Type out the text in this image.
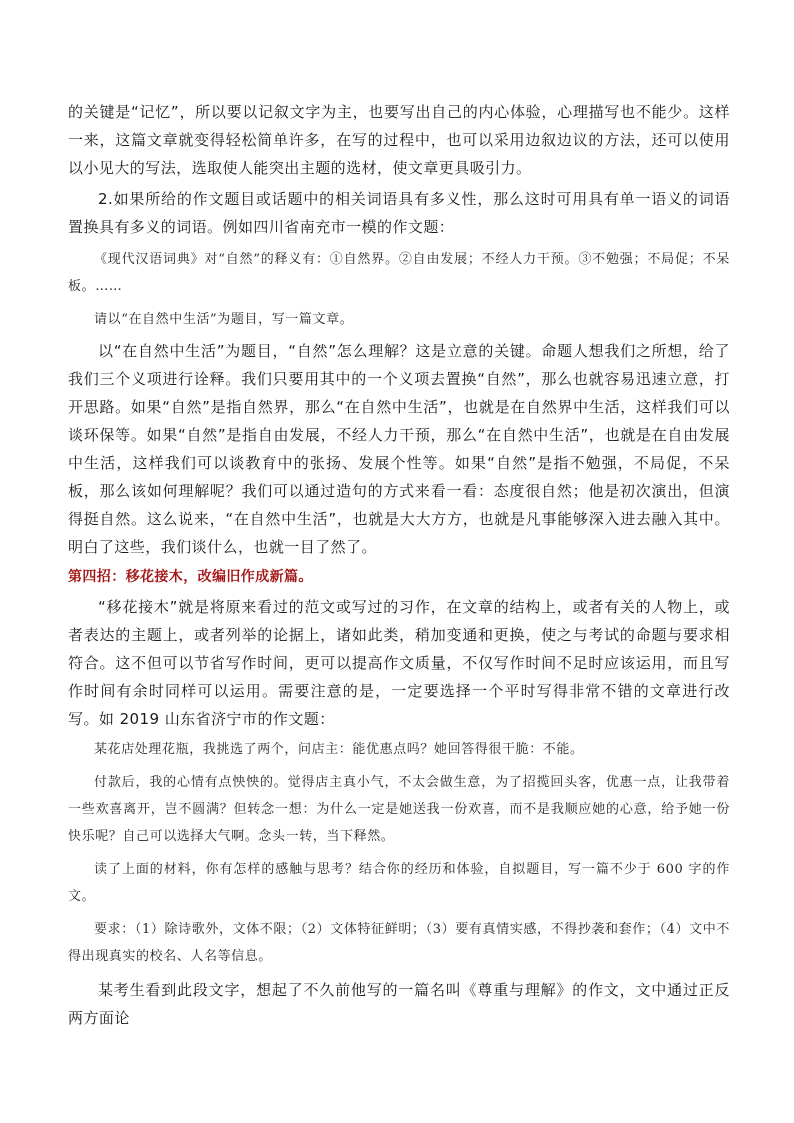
的关键是“记忆”，所以要以记叙文字为主，也要写出自己的内心体验，心理描写也不能少。这样一来，这篇文章就变得轻松简单许多，在写的过程中，也可以采用边叙边议的方法，还可以使用以小见大的写法，选取使人能突出主题的选材，使文章更具吸引力。

2.如果所给的作文题目或话题中的相关词语具有多义性，那么这时可用具有单一语义的词语置换具有多义的词语。例如四川省南充市一模的作文题：

《现代汉语词典》对“自然”的释义有：①自然界。②自由发展；不经人力干预。③不勉强；不局促；不呆板。……

请以“在自然中生活”为题目，写一篇文章。

以“在自然中生活”为题目，“自然”怎么理解？这是立意的关键。命题人想我们之所想，给了我们三个义项进行诠释。我们只要用其中的一个义项去置换“自然”，那么也就容易迅速立意，打开思路。如果“自然”是指自然界，那么“在自然中生活”，也就是在自然界中生活，这样我们可以谈环保等。如果“自然”是指自由发展，不经人力干预，那么“在自然中生活”，也就是在自由发展中生活，这样我们可以谈教育中的张扬、发展个性等。如果“自然”是指不勉强，不局促，不呆板，那么该如何理解呢？我们可以通过造句的方式来看一看：态度很自然；他是初次演出，但演得挺自然。这么说来，“在自然中生活”，也就是大大方方，也就是凡事能够深入进去融入其中。明白了这些，我们谈什么，也就一目了然了。

第四招：移花接木，改编旧作成新篇。

“移花接木”就是将原来看过的范文或写过的习作，在文章的结构上，或者有关的人物上，或者表达的主题上，或者列举的论据上，诸如此类，稍加变通和更换，使之与考试的命题与要求相符合。这不但可以节省写作时间，更可以提高作文质量，不仅写作时间不足时应该运用，而且写作时间有余时同样可以运用。需要注意的是，一定要选择一个平时写得非常不错的文章进行改写。如 2019 山东省济宁市的作文题：

某花店处理花瓶，我挑选了两个，问店主：能优惠点吗？她回答得很干脆：不能。

付款后，我的心情有点怏怏的。觉得店主真小气，不太会做生意，为了招揽回头客，优惠一点，让我带着一些欢喜离开，岂不圆满？但转念一想：为什么一定是她送我一份欢喜，而不是我顺应她的心意，给予她一份快乐呢？自己可以选择大气啊。念头一转，当下释然。

读了上面的材料，你有怎样的感触与思考？结合你的经历和体验，自拟题目，写一篇不少于 600 字的作文。

要求：（1）除诗歌外，文体不限；（2）文体特征鲜明；（3）要有真情实感，不得抄袭和套作；（4）文中不得出现真实的校名、人名等信息。

某考生看到此段文字，想起了不久前他写的一篇名叫《尊重与理解》的作文，文中通过正反两方面论
